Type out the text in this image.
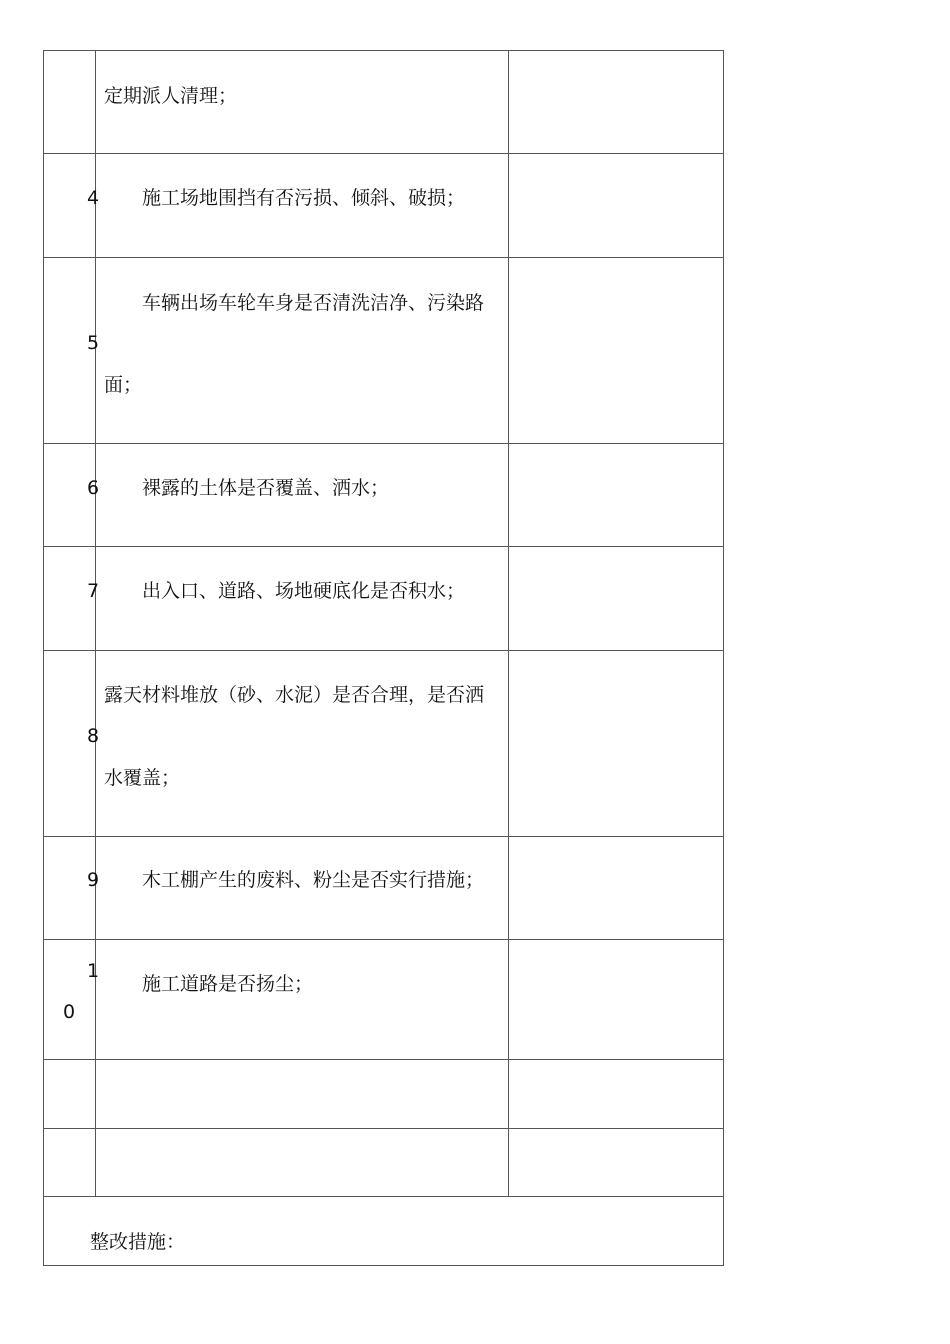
定期派人清理；
4 施工场地围挡有否污损、倾斜、破损；
车辆出场车轮车身是否清洗洁净、污染路
5
面；
6 裸露的土体是否覆盖、洒水；
7 出入口、道路、场地硬底化是否积水；
露天材料堆放（砂、水泥）是否合理，是否洒
8
水覆盖；
9 木工棚产生的废料、粉尘是否实行措施；
1
施工道路是否扬尘；
0
整改措施：
